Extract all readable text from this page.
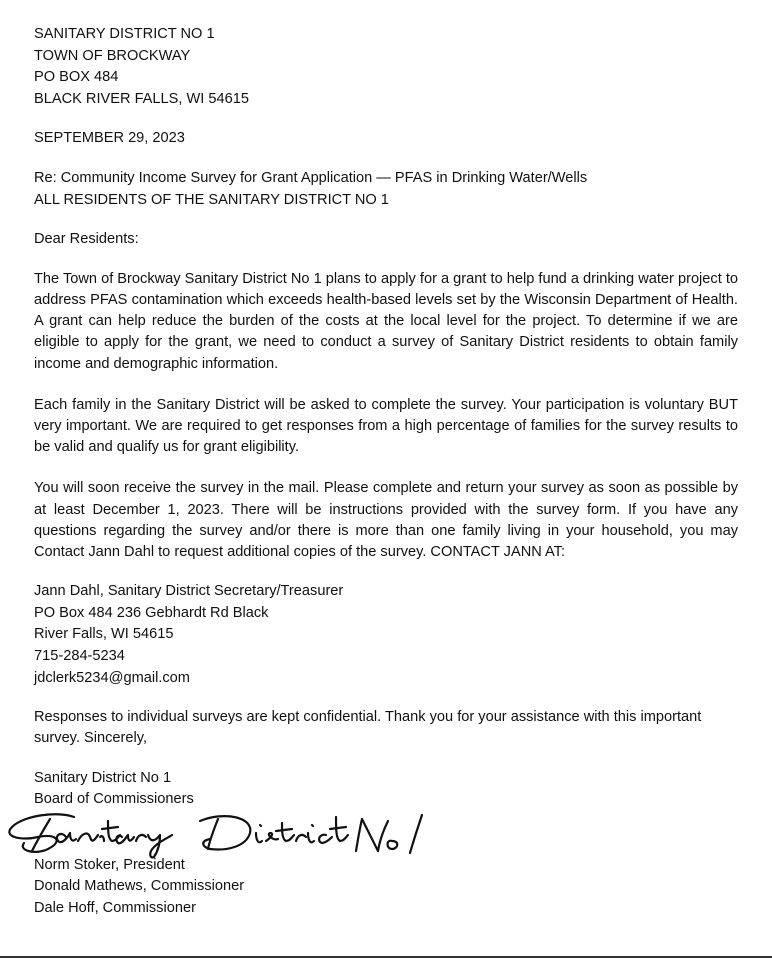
SANITARY DISTRICT NO 1
TOWN OF BROCKWAY
PO BOX 484
BLACK RIVER FALLS, WI 54615
SEPTEMBER 29, 2023
Re: Community Income Survey for Grant Application — PFAS in Drinking Water/Wells
ALL RESIDENTS OF THE SANITARY DISTRICT NO 1
Dear Residents:
The Town of Brockway Sanitary District No 1 plans to apply for a grant to help fund a drinking water project to address PFAS contamination which exceeds health-based levels set by the Wisconsin Department of Health. A grant can help reduce the burden of the costs at the local level for the project. To determine if we are eligible to apply for the grant, we need to conduct a survey of Sanitary District residents to obtain family income and demographic information.
Each family in the Sanitary District will be asked to complete the survey. Your participation is voluntary BUT very important. We are required to get responses from a high percentage of families for the survey results to be valid and qualify us for grant eligibility.
You will soon receive the survey in the mail. Please complete and return your survey as soon as possible by at least December 1, 2023. There will be instructions provided with the survey form. If you have any questions regarding the survey and/or there is more than one family living in your household, you may Contact Jann Dahl to request additional copies of the survey. CONTACT JANN AT:
Jann Dahl, Sanitary District Secretary/Treasurer
PO Box 484 236 Gebhardt Rd Black
River Falls, WI 54615
715-284-5234
jdclerk5234@gmail.com
Responses to individual surveys are kept confidential. Thank you for your assistance with this important survey. Sincerely,
Sanitary District No 1
Board of Commissioners
Norm Stoker, President
Donald Mathews, Commissioner
Dale Hoff, Commissioner
